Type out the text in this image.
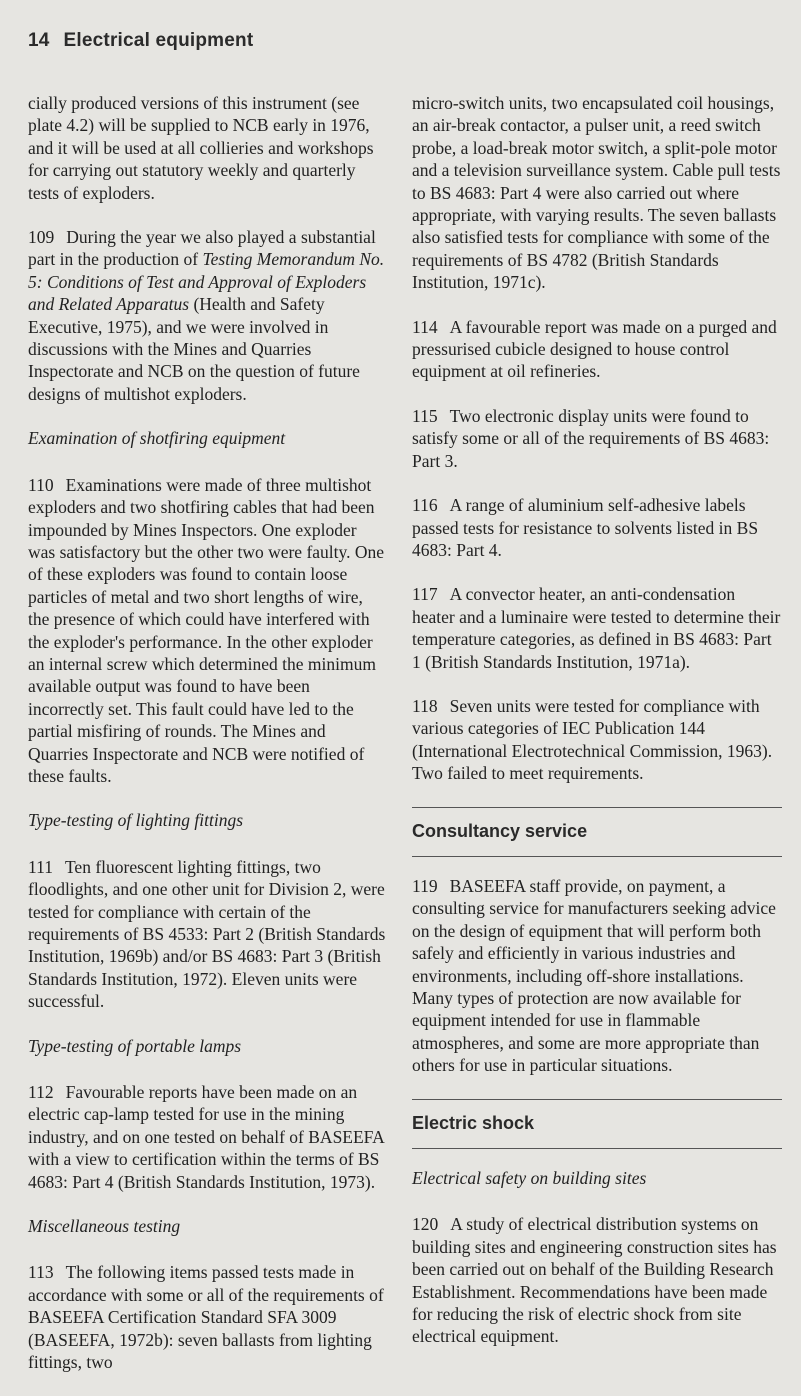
14 Electrical equipment

cially produced versions of this instrument (see plate 4.2) will be supplied to NCB early in 1976, and it will be used at all collieries and workshops for carrying out statutory weekly and quarterly tests of exploders.

109 During the year we also played a substantial part in the production of Testing Memorandum No. 5: Conditions of Test and Approval of Exploders and Related Apparatus (Health and Safety Executive, 1975), and we were involved in discussions with the Mines and Quarries Inspectorate and NCB on the question of future designs of multishot exploders.

Examination of shotfiring equipment

110 Examinations were made of three multishot exploders and two shotfiring cables that had been impounded by Mines Inspectors. One exploder was satisfactory but the other two were faulty. One of these exploders was found to contain loose particles of metal and two short lengths of wire, the presence of which could have interfered with the exploder's performance. In the other exploder an internal screw which determined the minimum available output was found to have been incorrectly set. This fault could have led to the partial misfiring of rounds. The Mines and Quarries Inspectorate and NCB were notified of these faults.

Type-testing of lighting fittings

111 Ten fluorescent lighting fittings, two floodlights, and one other unit for Division 2, were tested for compliance with certain of the requirements of BS 4533: Part 2 (British Standards Institution, 1969b) and/or BS 4683: Part 3 (British Standards Institution, 1972). Eleven units were successful.

Type-testing of portable lamps

112 Favourable reports have been made on an electric cap-lamp tested for use in the mining industry, and on one tested on behalf of BASEEFA with a view to certification within the terms of BS 4683: Part 4 (British Standards Institution, 1973).

Miscellaneous testing

113 The following items passed tests made in accordance with some or all of the requirements of BASEEFA Certification Standard SFA 3009 (BASEEFA, 1972b): seven ballasts from lighting fittings, two

micro-switch units, two encapsulated coil housings, an air-break contactor, a pulser unit, a reed switch probe, a load-break motor switch, a split-pole motor and a television surveillance system. Cable pull tests to BS 4683: Part 4 were also carried out where appropriate, with varying results. The seven ballasts also satisfied tests for compliance with some of the requirements of BS 4782 (British Standards Institution, 1971c).

114 A favourable report was made on a purged and pressurised cubicle designed to house control equipment at oil refineries.

115 Two electronic display units were found to satisfy some or all of the requirements of BS 4683: Part 3.

116 A range of aluminium self-adhesive labels passed tests for resistance to solvents listed in BS 4683: Part 4.

117 A convector heater, an anti-condensation heater and a luminaire were tested to determine their temperature categories, as defined in BS 4683: Part 1 (British Standards Institution, 1971a).

118 Seven units were tested for compliance with various categories of IEC Publication 144 (International Electrotechnical Commission, 1963). Two failed to meet requirements.

Consultancy service

119 BASEEFA staff provide, on payment, a consulting service for manufacturers seeking advice on the design of equipment that will perform both safely and efficiently in various industries and environments, including off-shore installations. Many types of protection are now available for equipment intended for use in flammable atmospheres, and some are more appropriate than others for use in particular situations.

Electric shock
Electrical safety on building sites

120 A study of electrical distribution systems on building sites and engineering construction sites has been carried out on behalf of the Building Research Establishment. Recommendations have been made for reducing the risk of electric shock from site electrical equipment.
